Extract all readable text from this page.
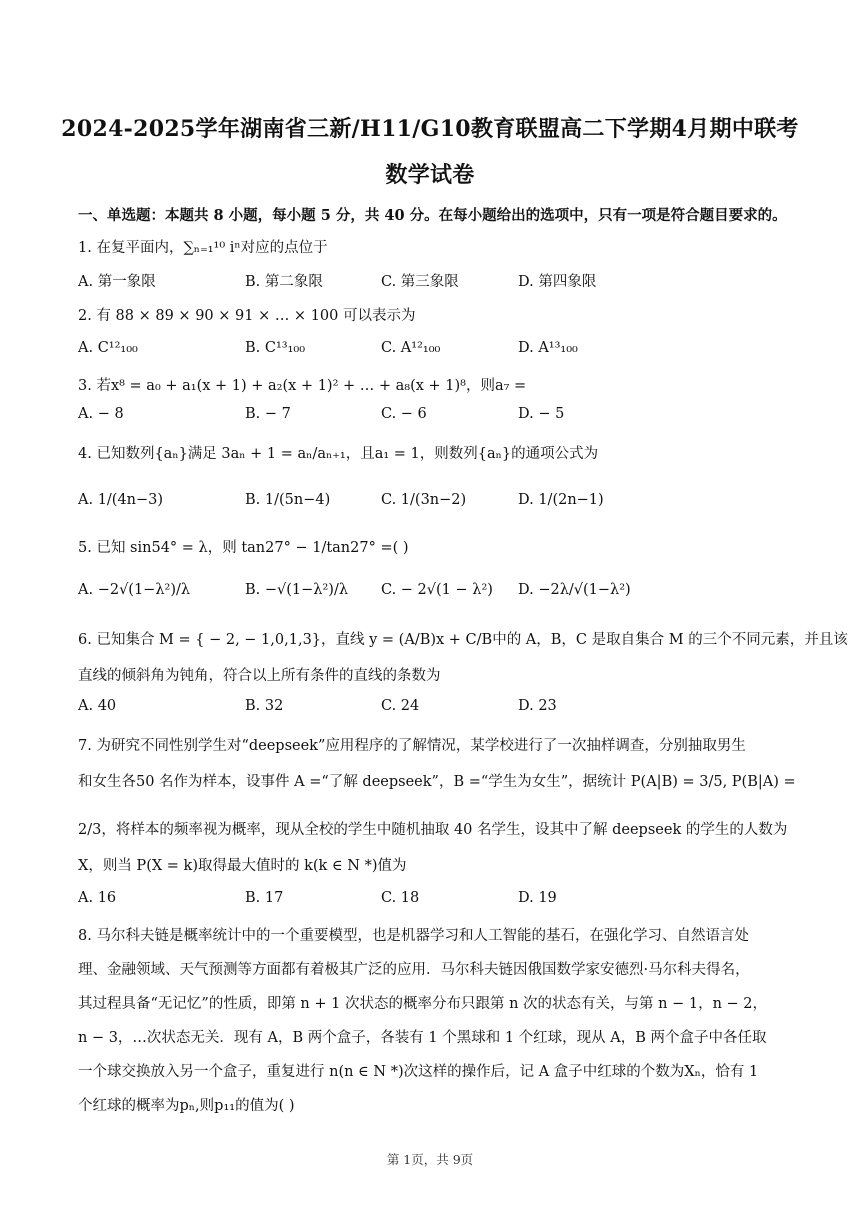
2024-2025学年湖南省三新/H11/G10教育联盟高二下学期4月期中联考
数学试卷
一、单选题：本题共 8 小题，每小题 5 分，共 40 分。在每小题给出的选项中，只有一项是符合题目要求的。
1. 在复平面内，∑ₙ₌₁¹⁰ iⁿ对应的点位于
A. 第一象限	B. 第二象限	C. 第三象限	D. 第四象限
2. 有 88 × 89 × 90 × 91 × … × 100 可以表示为
A. C¹²₁₀₀	B. C¹³₁₀₀	C. A¹²₁₀₀	D. A¹³₁₀₀
3. 若x⁸ = a₀ + a₁(x + 1) + a₂(x + 1)² + … + a₈(x + 1)⁸，则a₇ =
A. − 8	B. − 7	C. − 6	D. − 5
4. 已知数列{aₙ}满足 3aₙ + 1 = aₙ/aₙ₊₁，且a₁ = 1，则数列{aₙ}的通项公式为
A. 1/(4n−3)	B. 1/(5n−4)	C. 1/(3n−2)	D. 1/(2n−1)
5. 已知 sin54° = λ，则 tan27° − 1/tan27° =( )
A. −2√(1−λ²)/λ	B. −√(1−λ²)/λ C. − 2√(1 − λ²) D. −2λ/√(1−λ²)
6. 已知集合 M = { − 2, − 1,0,1,3}，直线 y = (A/B)x + C/B中的 A，B，C 是取自集合 M 的三个不同元素，并且该
直线的倾斜角为钝角，符合以上所有条件的直线的条数为
A. 40	B. 32	C. 24	D. 23
7. 为研究不同性别学生对“deepseek”应用程序的了解情况，某学校进行了一次抽样调查，分别抽取男生
和女生各50 名作为样本，设事件 A =“了解 deepseek”，B =“学生为女生”，据统计 P(A|B) = 3/5, P(B|A) =
2/3，将样本的频率视为概率，现从全校的学生中随机抽取 40 名学生，设其中了解 deepseek 的学生的人数为
X，则当 P(X = k)取得最大值时的 k(k ∈ N *)值为
A. 16	B. 17	C. 18	D. 19
8. 马尔科夫链是概率统计中的一个重要模型，也是机器学习和人工智能的基石，在强化学习、自然语言处
理、金融领域、天气预测等方面都有着极其广泛的应用．马尔科夫链因俄国数学家安德烈·马尔科夫得名，
其过程具备“无记忆”的性质，即第 n + 1 次状态的概率分布只跟第 n 次的状态有关，与第 n − 1，n − 2，
n − 3，…次状态无关．现有 A，B 两个盒子，各装有 1 个黑球和 1 个红球，现从 A，B 两个盒子中各任取
一个球交换放入另一个盒子，重复进行 n(n ∈ N *)次这样的操作后，记 A 盒子中红球的个数为Xₙ，恰有 1
个红球的概率为pₙ,则p₁₁的值为( )
第 1页，共 9页
